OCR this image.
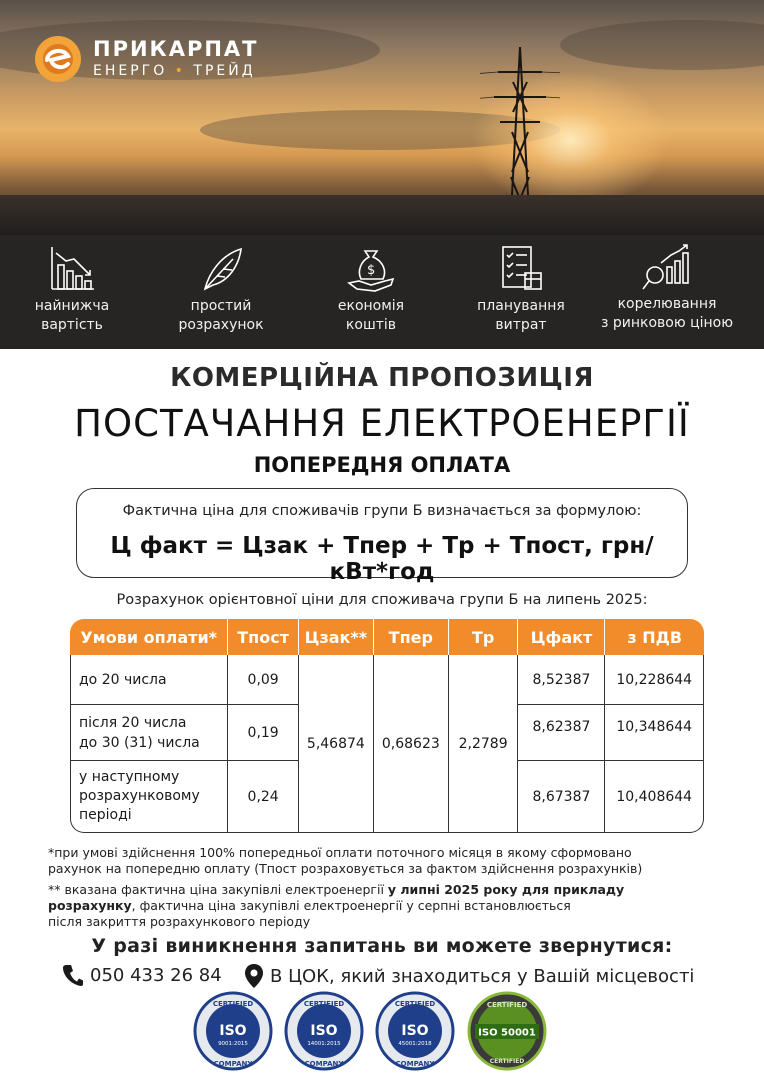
ПРИКАРПАТ
ЕНЕРГО • ТРЕЙД
найнижча
вартість
простий
розрахунок
$
економія
коштів
планування
витрат
корелювання
з ринковою ціною
КОМЕРЦІЙНА ПРОПОЗИЦІЯ
ПОСТАЧАННЯ ЕЛЕКТРОЕНЕРГІЇ
ПОПЕРЕДНЯ ОПЛАТА
Фактична ціна для споживачів групи Б визначається за формулою:
Ц факт = Цзак + Тпер + Тр + Тпост, грн/кВт*год
Розрахунок орієнтовної ціни для споживача групи Б на липень 2025:
Умови оплати*	Тпост	Цзак**	Тпер	Тр	Цфакт	з ПДВ
до 20 числа	0,09	5,46874	0,68623	2,2789	8,52387	10,228644
після 20 числа
до 30 (31) числа	0,19				8,62387	10,348644
у наступному
розрахунковому
періоді	0,24				8,67387	10,408644
*при умові здійснення 100% попередньої оплати поточного місяця в якому сформовано
рахунок на попередню оплату (Тпост розраховується за фактом здійснення розрахунків)
** вказана фактична ціна закупівлі електроенергії у липні 2025 року для прикладу
розрахунку, фактична ціна закупівлі електроенергії у серпні встановлюється
після закриття розрахункового періоду
У разі виникнення запитань ви можете звернутися:
050 433 26 84	В ЦОК, який знаходиться у Вашій місцевості
CERTIFIED
ISO
9001:2015
COMPANY
CERTIFIED
ISO
14001:2015
COMPANY
CERTIFIED
ISO
45001:2018
COMPANY
CERTIFIED
ISO 50001
CERTIFIED
